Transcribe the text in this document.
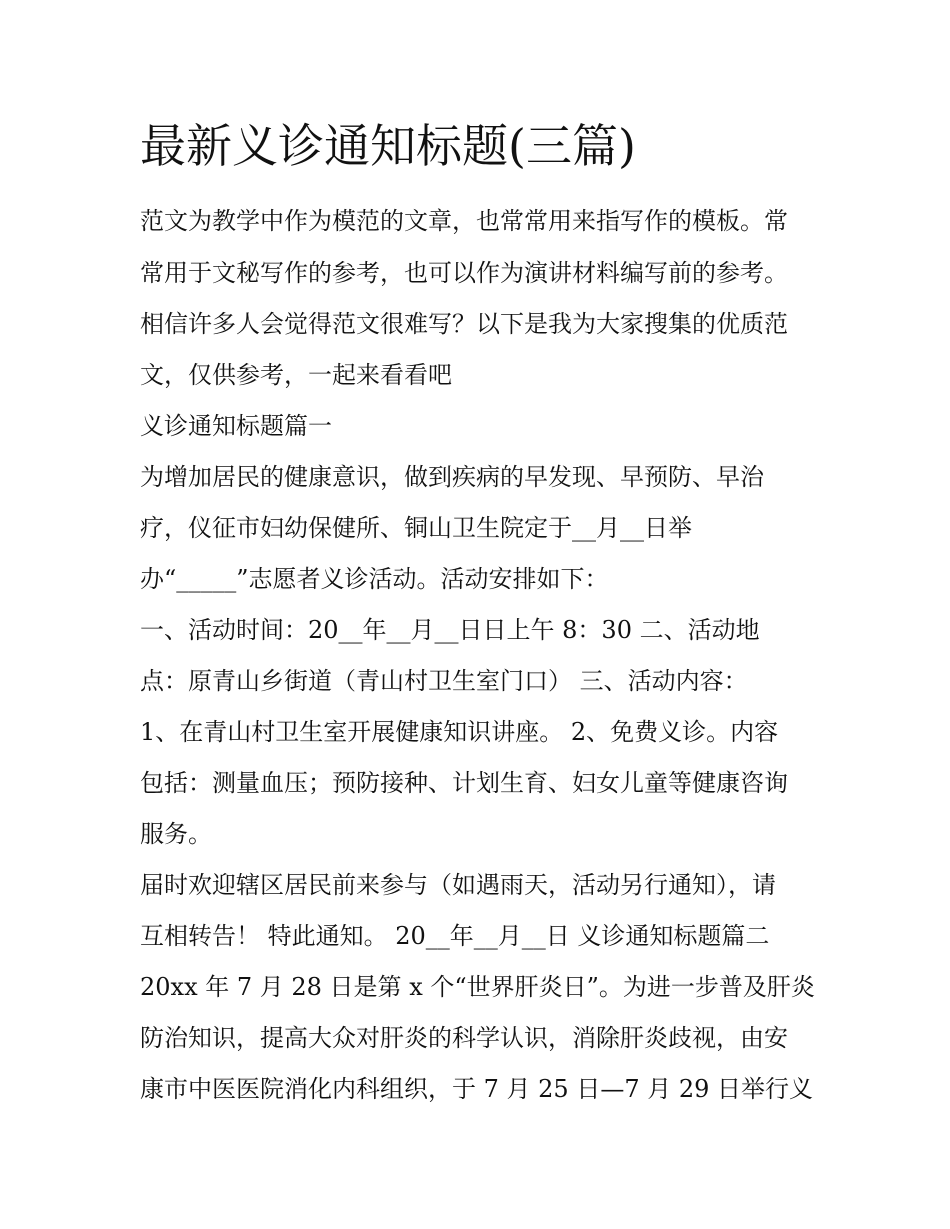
最新义诊通知标题(三篇)

范文为教学中作为模范的文章，也常常用来指写作的模板。常

常用于文秘写作的参考，也可以作为演讲材料编写前的参考。

相信许多人会觉得范文很难写？以下是我为大家搜集的优质范

文，仅供参考，一起来看看吧

义诊通知标题篇一

为增加居民的健康意识，做到疾病的早发现、早预防、早治

疗，仪征市妇幼保健所、铜山卫生院定于__月__日举

办“_____”志愿者义诊活动。活动安排如下：

一、活动时间：20__年__月__日日上午 8：30 二、活动地

点：原青山乡街道（青山村卫生室门口） 三、活动内容：

1、在青山村卫生室开展健康知识讲座。 2、免费义诊。内容

包括：测量血压；预防接种、计划生育、妇女儿童等健康咨询

服务。

届时欢迎辖区居民前来参与（如遇雨天，活动另行通知），请

互相转告！ 特此通知。 20__年__月__日 义诊通知标题篇二

20xx 年 7 月 28 日是第 x 个“世界肝炎日”。为进一步普及肝炎

防治知识，提高大众对肝炎的科学认识，消除肝炎歧视，由安

康市中医医院消化内科组织，于 7 月 25 日—7 月 29 日举行义
